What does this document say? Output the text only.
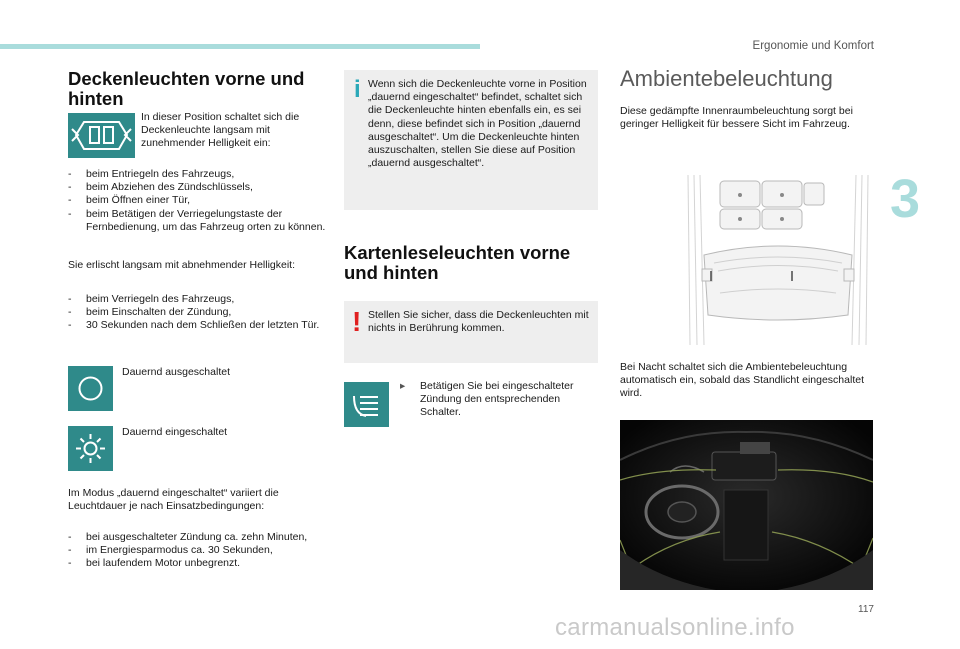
Ergonomie und Komfort
3
Deckenleuchten vorne und hinten
In dieser Position schaltet sich die Deckenleuchte langsam mit zunehmender Helligkeit ein:
- beim Entriegeln des Fahrzeugs,
- beim Abziehen des Zündschlüssels,
- beim Öffnen einer Tür,
- beim Betätigen der Verriegelungstaste der Fernbedienung, um das Fahrzeug orten zu können.
Sie erlischt langsam mit abnehmender Helligkeit:
- beim Verriegeln des Fahrzeugs,
- beim Einschalten der Zündung,
- 30 Sekunden nach dem Schließen der letzten Tür.
Dauernd ausgeschaltet
Dauernd eingeschaltet
Im Modus „dauernd eingeschaltet“ variiert die Leuchtdauer je nach Einsatzbedingungen:
- bei ausgeschalteter Zündung ca. zehn Minuten,
- im Energiesparmodus ca. 30 Sekunden,
- bei laufendem Motor unbegrenzt.
i Wenn sich die Deckenleuchte vorne in Position „dauernd eingeschaltet“ befindet, schaltet sich die Deckenleuchte hinten ebenfalls ein, es sei denn, diese befindet sich in Position „dauernd ausgeschaltet“. Um die Deckenleuchte hinten auszuschalten, stellen Sie diese auf Position „dauernd ausgeschaltet“.
Kartenleseleuchten vorne und hinten
! Stellen Sie sicher, dass die Deckenleuchten mit nichts in Berührung kommen.
▸	Betätigen Sie bei eingeschalteter Zündung den entsprechenden Schalter.
Ambientebeleuchtung
Diese gedämpfte Innenraumbeleuchtung sorgt bei geringer Helligkeit für bessere Sicht im Fahrzeug.
Bei Nacht schaltet sich die Ambientebeleuchtung automatisch ein, sobald das Standlicht eingeschaltet wird.
117
carmanualsonline.info
